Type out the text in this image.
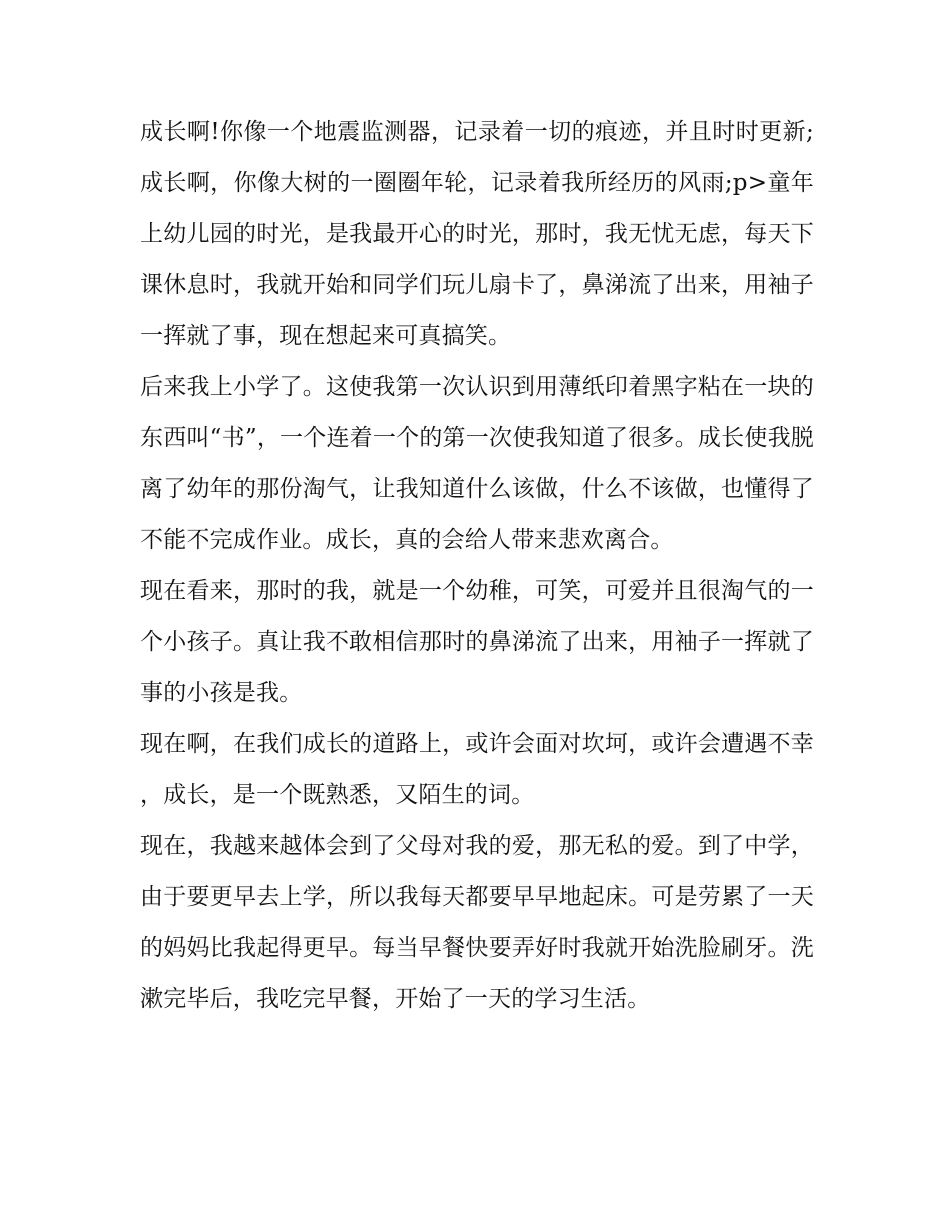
成长啊!你像一个地震监测器，记录着一切的痕迹，并且时时更新;成长啊，你像大树的一圈圈年轮，记录着我所经历的风雨;p>童年上幼儿园的时光，是我最开心的时光，那时，我无忧无虑，每天下课休息时，我就开始和同学们玩儿扇卡了，鼻涕流了出来，用袖子一挥就了事，现在想起来可真搞笑。

后来我上小学了。这使我第一次认识到用薄纸印着黑字粘在一块的东西叫“书”，一个连着一个的第一次使我知道了很多。成长使我脱离了幼年的那份淘气，让我知道什么该做，什么不该做，也懂得了不能不完成作业。成长，真的会给人带来悲欢离合。

现在看来，那时的我，就是一个幼稚，可笑，可爱并且很淘气的一个小孩子。真让我不敢相信那时的鼻涕流了出来，用袖子一挥就了事的小孩是我。

现在啊，在我们成长的道路上，或许会面对坎坷，或许会遭遇不幸，成长，是一个既熟悉，又陌生的词。

现在，我越来越体会到了父母对我的爱，那无私的爱。到了中学，由于要更早去上学，所以我每天都要早早地起床。可是劳累了一天的妈妈比我起得更早。每当早餐快要弄好时我就开始洗脸刷牙。洗漱完毕后，我吃完早餐，开始了一天的学习生活。
